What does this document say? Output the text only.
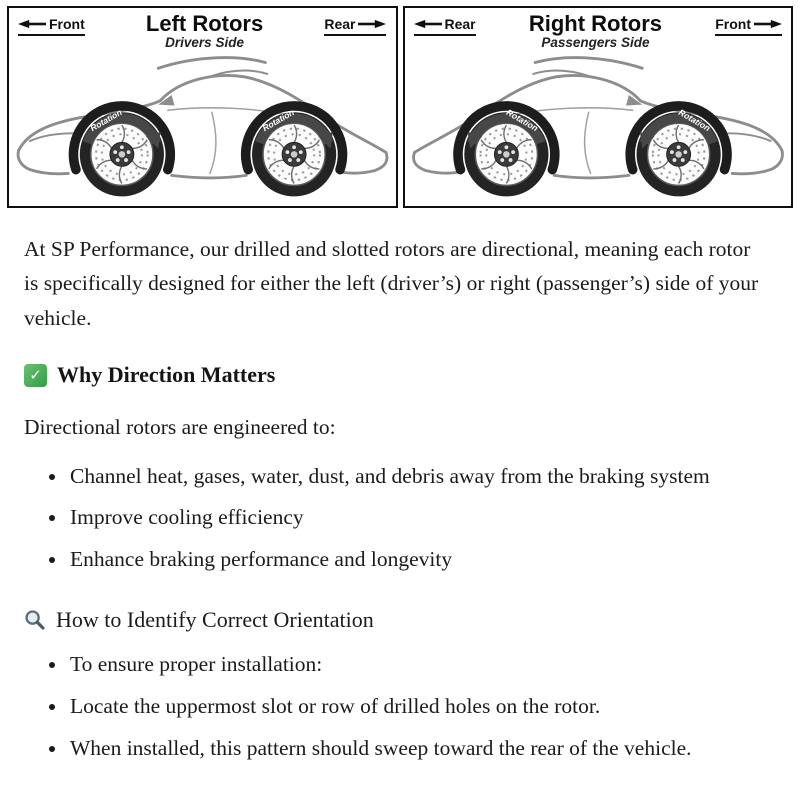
Front	Left Rotors
Drivers Side
Rear
Rotation	Rotation
Rear Right Rotors
Passengers Side
Front
Rotation
Rotation

At SP Performance, our drilled and slotted rotors are directional, meaning each rotor is specifically designed for either the left (driver’s) or right (passenger’s) side of your vehicle.

✓ Why Direction Matters

Directional rotors are engineered to:

• Channel heat, gases, water, dust, and debris away from the braking system
• Improve cooling efficiency
• Enhance braking performance and longevity
How to Identify Correct Orientation
• To ensure proper installation:
• Locate the uppermost slot or row of drilled holes on the rotor.
• When installed, this pattern should sweep toward the rear of the vehicle.
